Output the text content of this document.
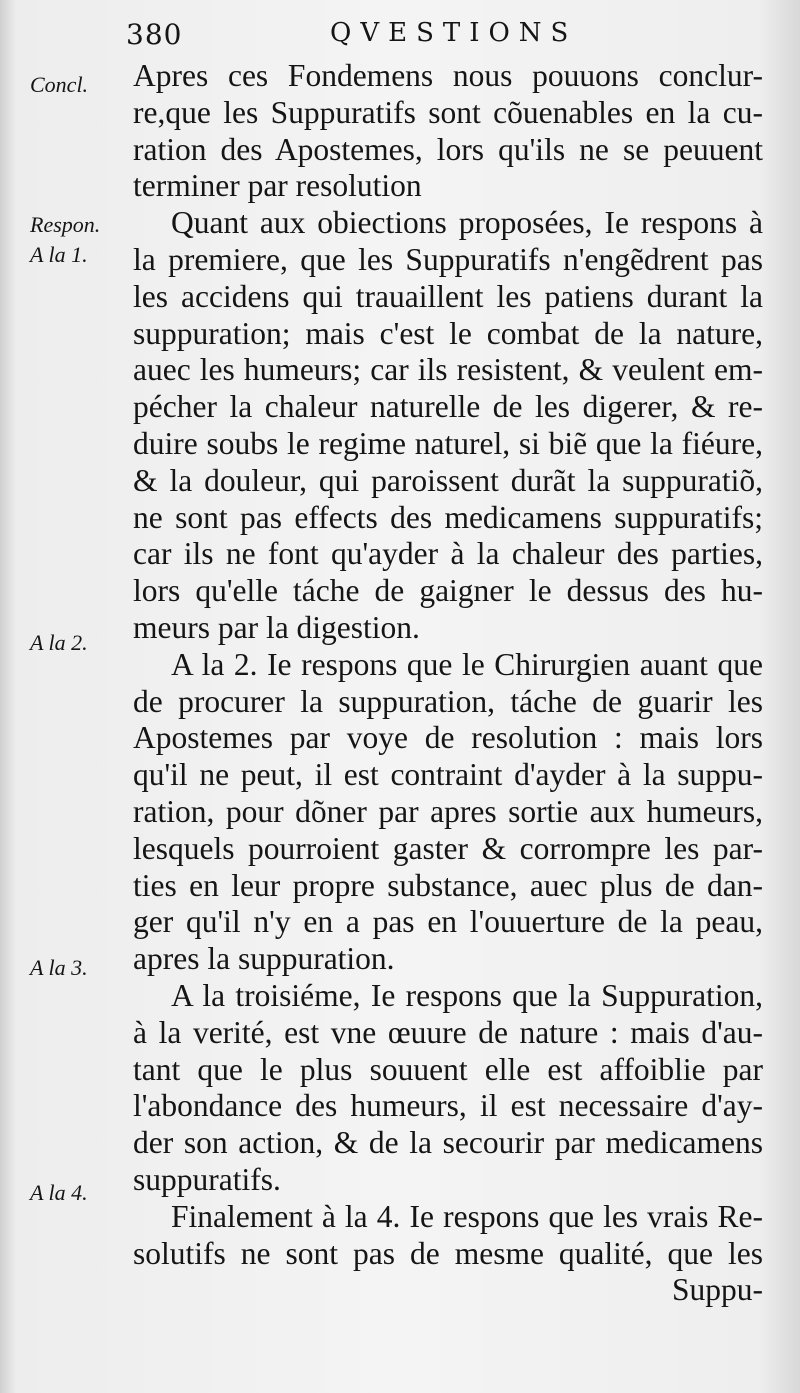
380	QVESTIONS
Concl.
Respon.
A la 1.
A la 2.
A la 3.
A la 4.
Apres ces Fondemens nous pouuons conclur-
re,que les Suppuratifs sont cõuenables en la cu-
ration des Apostemes, lors qu'ils ne se peuuent
terminer par resolution
Quant aux obiections proposées, Ie respons à
la premiere, que les Suppuratifs n'engẽdrent pas
les accidens qui trauaillent les patiens durant la
suppuration; mais c'est le combat de la nature,
auec les humeurs; car ils resistent, & veulent em-
pécher la chaleur naturelle de les digerer, & re-
duire soubs le regime naturel, si biẽ que la fiéure,
& la douleur, qui paroissent durãt la suppuratiõ,
ne sont pas effects des medicamens suppuratifs;
car ils ne font qu'ayder à la chaleur des parties,
lors qu'elle táche de gaigner le dessus des hu-
meurs par la digestion.
A la 2. Ie respons que le Chirurgien auant que
de procurer la suppuration, táche de guarir les
Apostemes par voye de resolution : mais lors
qu'il ne peut, il est contraint d'ayder à la suppu-
ration, pour dõner par apres sortie aux humeurs,
lesquels pourroient gaster & corrompre les par-
ties en leur propre substance, auec plus de dan-
ger qu'il n'y en a pas en l'ouuerture de la peau,
apres la suppuration.
A la troisiéme, Ie respons que la Suppuration,
à la verité, est vne œuure de nature : mais d'au-
tant que le plus souuent elle est affoiblie par
l'abondance des humeurs, il est necessaire d'ay-
der son action, & de la secourir par medicamens
suppuratifs.
Finalement à la 4. Ie respons que les vrais Re-
solutifs ne sont pas de mesme qualité, que les
Suppu-
